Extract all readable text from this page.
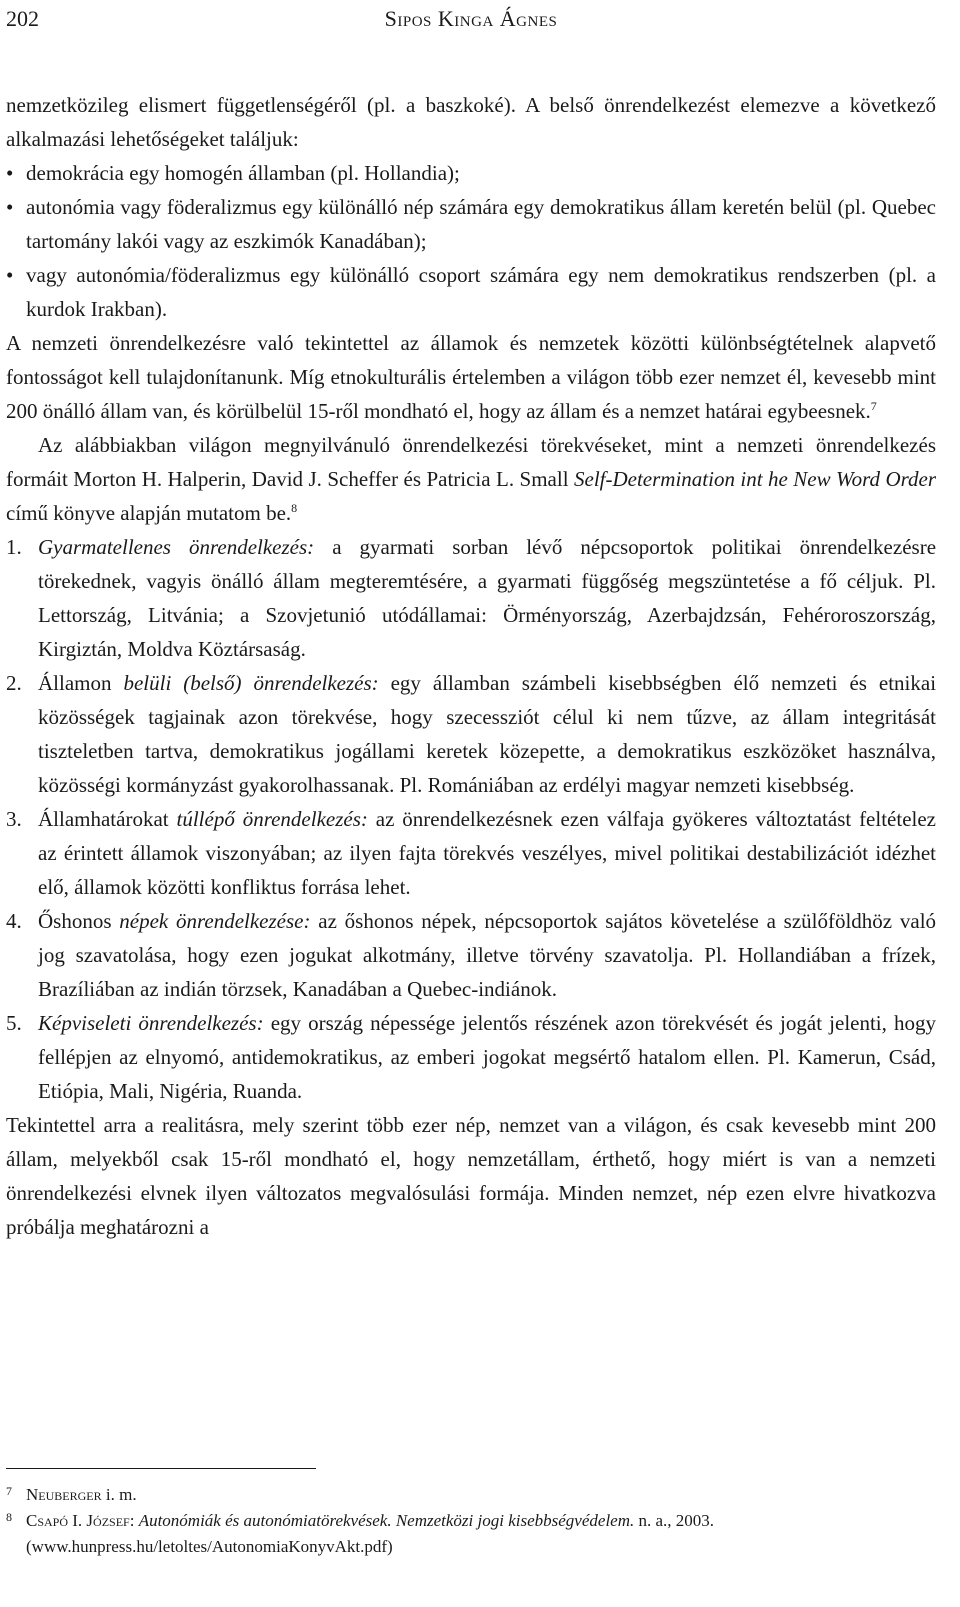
202	Sipos Kinga Ágnes

nemzetközileg elismert függetlenségéről (pl. a baszkoké). A belső önrendelkezést elemezve a következő alkalmazási lehetőségeket találjuk:

• demokrácia egy homogén államban (pl. Hollandia);
• autonómia vagy föderalizmus egy különálló nép számára egy demokratikus állam keretén belül (pl. Quebec tartomány lakói vagy az eszkimók Kanadában);
• vagy autonómia/föderalizmus egy különálló csoport számára egy nem demokratikus rendszerben (pl. a kurdok Irakban).

A nemzeti önrendelkezésre való tekintettel az államok és nemzetek közötti különbségtételnek alapvető fontosságot kell tulajdonítanunk. Míg etnokulturális értelemben a világon több ezer nemzet él, kevesebb mint 200 önálló állam van, és körülbelül 15-ről mondható el, hogy az állam és a nemzet határai egybeesnek.$^7$

Az alábbiakban világon megnyilvánuló önrendelkezési törekvéseket, mint a nemzeti önrendelkezés formáit Morton H. Halperin, David J. Scheffer és Patricia L. Small Self-Determination int he New Word Order című könyve alapján mutatom be.$^8$

1. Gyarmatellenes önrendelkezés: a gyarmati sorban lévő népcsoportok politikai önrendelkezésre törekednek, vagyis önálló állam megteremtésére, a gyarmati függőség megszüntetése a fő céljuk. Pl. Lettország, Litvánia; a Szovjetunió utódállamai: Örményország, Azerbajdzsán, Fehéroroszország, Kirgiztán, Moldva Köztársaság.
2. Államon belüli (belső) önrendelkezés: egy államban számbeli kisebbségben élő nemzeti és etnikai közösségek tagjainak azon törekvése, hogy szecessziót célul ki nem tűzve, az állam integritását tiszteletben tartva, demokratikus jogállami keretek közepette, a demokratikus eszközöket használva, közösségi kormányzást gyakorolhassanak. Pl. Romániában az erdélyi magyar nemzeti kisebbség.
3. Államhatárokat túllépő önrendelkezés: az önrendelkezésnek ezen válfaja gyökeres változtatást feltételez az érintett államok viszonyában; az ilyen fajta törekvés veszélyes, mivel politikai destabilizációt idézhet elő, államok közötti konfliktus forrása lehet.
4. Őshonos népek önrendelkezése: az őshonos népek, népcsoportok sajátos követelése a szülőföldhöz való jog szavatolása, hogy ezen jogukat alkotmány, illetve törvény szavatolja. Pl. Hollandiában a frízek, Brazíliában az indián törzsek, Kanadában a Quebec-indiánok.
5. Képviseleti önrendelkezés: egy ország népessége jelentős részének azon törekvését és jogát jelenti, hogy fellépjen az elnyomó, antidemokratikus, az emberi jogokat megsértő hatalom ellen. Pl. Kamerun, Csád, Etiópia, Mali, Nigéria, Ruanda.

Tekintettel arra a realitásra, mely szerint több ezer nép, nemzet van a világon, és csak kevesebb mint 200 állam, melyekből csak 15-ről mondható el, hogy nemzetállam, érthető, hogy miért is van a nemzeti önrendelkezési elvnek ilyen változatos megvalósulási formája. Minden nemzet, nép ezen elvre hivatkozva próbálja meghatározni a

7 Neuberger i. m.
8 Csapó I. József: Autonómiák és autonómiatörekvések. Nemzetközi jogi kisebbségvédelem. n. a., 2003.
(www.hunpress.hu/letoltes/AutonomiaKonyvAkt.pdf)
